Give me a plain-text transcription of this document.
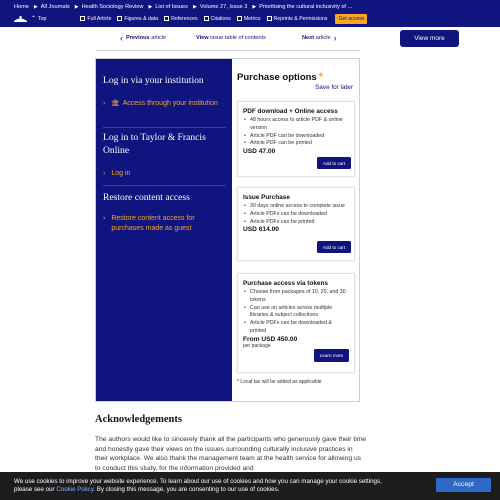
Home ▶ All Journals ▶ Health Sociology Review ▶ List of Issues ▶ Volume 27, Issue 3 ▶ Prioritising the cultural inclusivity of ...
⌃ Top	Full Article	Figures & data	References	Citations	Metrics	Reprints & Permissions	Get access
‹ Previous
article	View issue table of contents	Next
article ›	View more
Log in via your institution
› 🏛 Access through your institution
Log in to Taylor & Francis Online
› Log in
Restore content access
› Restore content access for purchases made as guest
Purchase options *
Save for later
PDF download + Online access
• 48 hours access to article PDF & online version
• Article PDF can be downloaded
• Article PDF can be printed
USD 47.00
Add to cart
Issue Purchase
• 30 days online access to complete issue
• Article PDFs can be downloaded
• Article PDFs can be printed
USD 614.00
Add to cart
Purchase access via tokens
• Choose from packages of 10, 20, and 30 tokens
• Can use on articles across multiple libraries & subject collections
• Article PDFs can be downloaded & printed
From USD 450.00
per package
Learn more
* Local tax will be added as applicable
Acknowledgements

The authors would like to sincerely thank all the participants who generously gave their time and honestly gave their views on the issues surrounding culturally inclusive practices in their workplace. We also thank the management team at the health service for allowing us to conduct this study, for the information provided and

We use cookies to improve your website experience. To learn about our use of cookies and how you can manage your cookie settings,
please see our Cookie Policy. By closing this message, you are consenting to our use of cookies.
Accept
